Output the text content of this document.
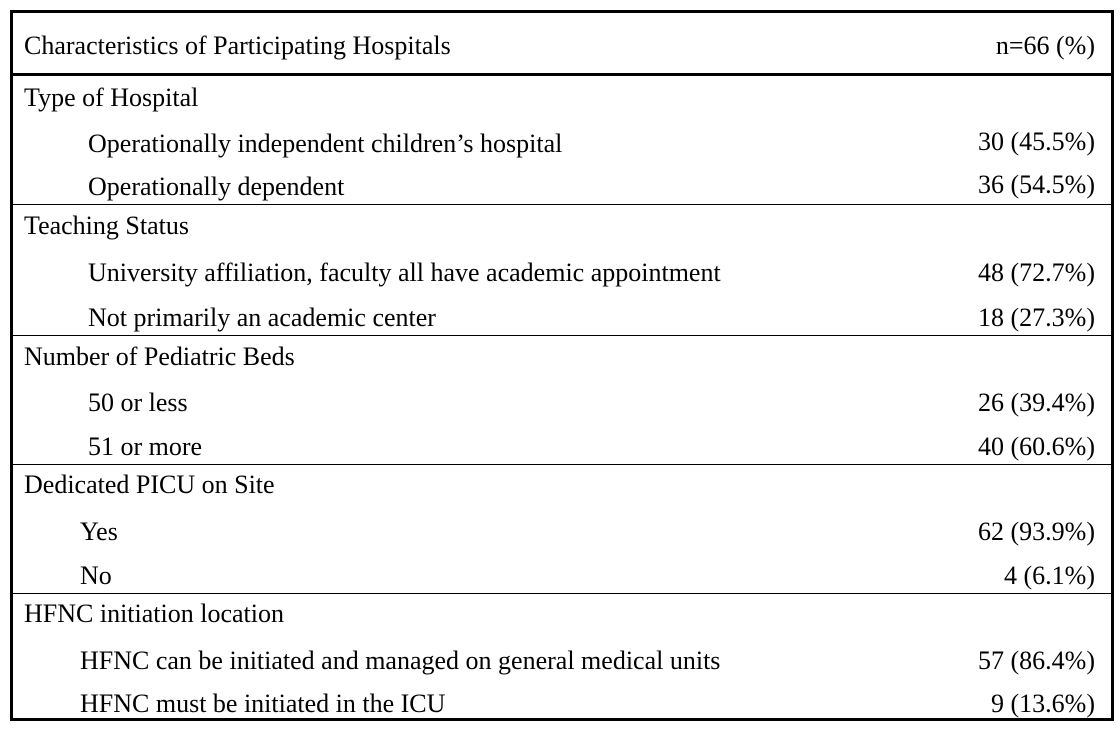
Characteristics of Participating Hospitals	n=66 (%)
Type of Hospital
Operationally independent children’s hospital	30 (45.5%)
Operationally dependent	36 (54.5%)
Teaching Status
University affiliation, faculty all have academic appointment	48 (72.7%)
Not primarily an academic center	18 (27.3%)
Number of Pediatric Beds
50 or less	26 (39.4%)
51 or more	40 (60.6%)
Dedicated PICU on Site
Yes	62 (93.9%)
No	4 (6.1%)
HFNC initiation location
HFNC can be initiated and managed on general medical units	57 (86.4%)
HFNC must be initiated in the ICU	9 (13.6%)
